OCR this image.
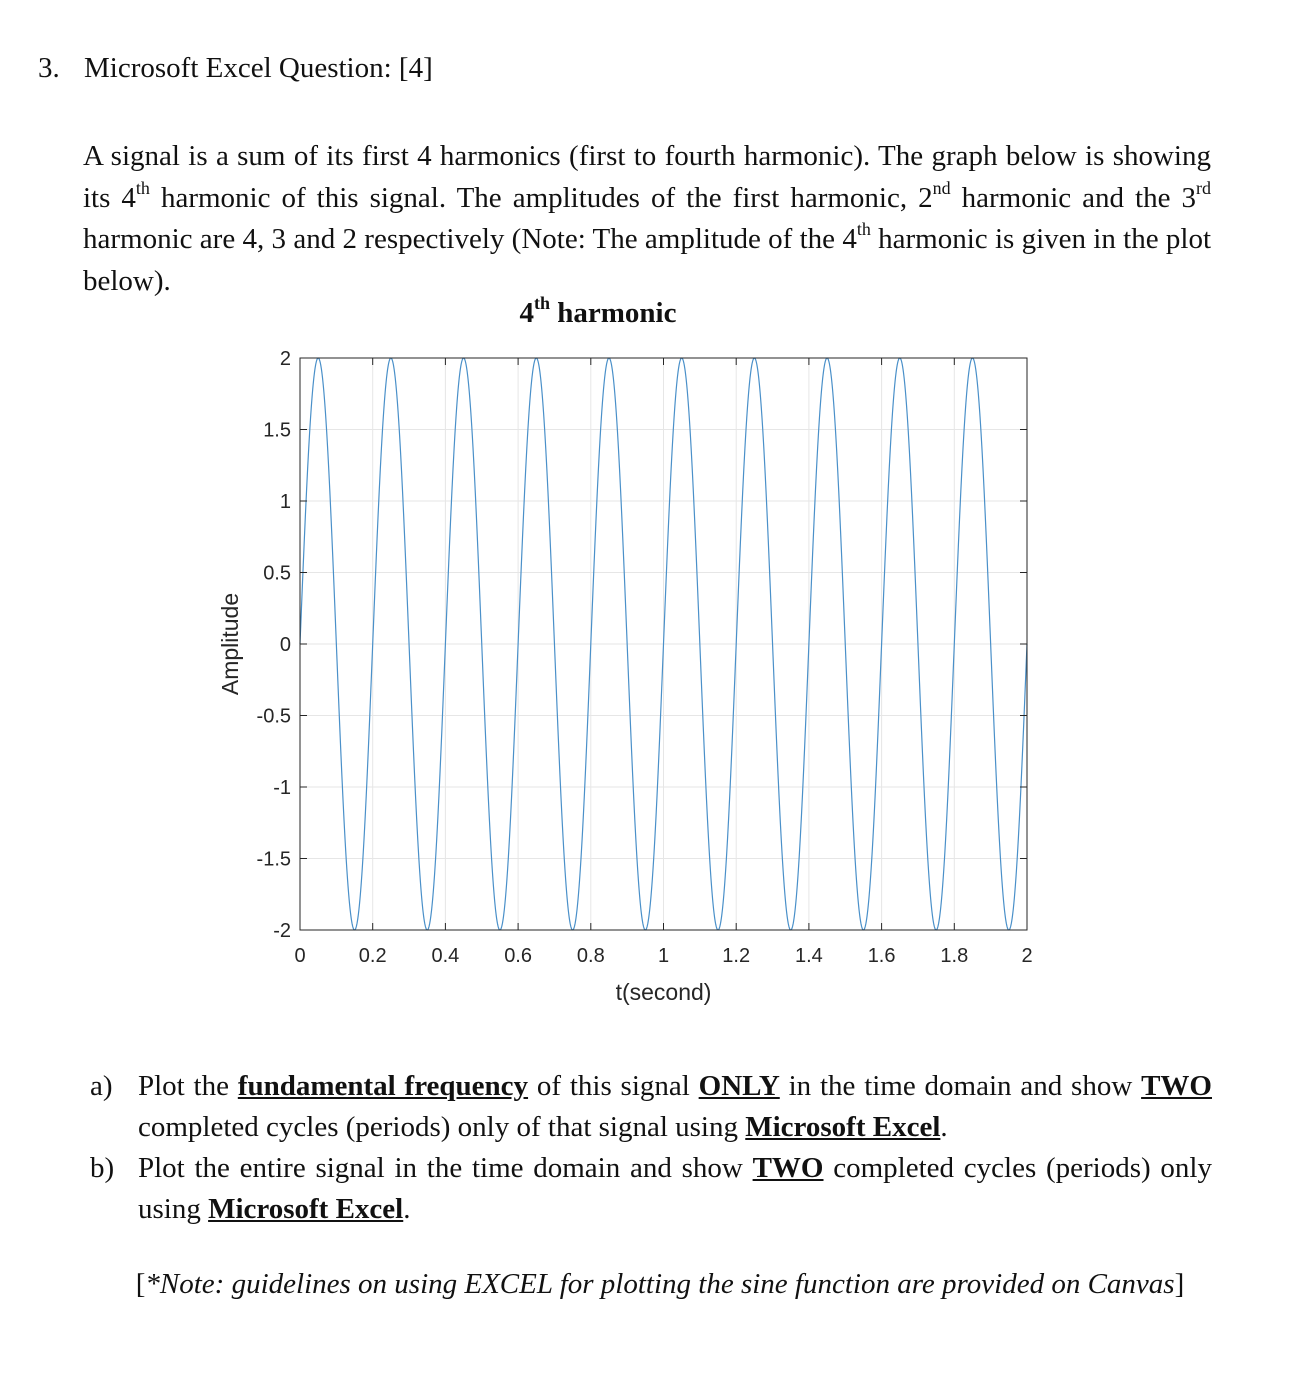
3. Microsoft Excel Question: [4]

A signal is a sum of its first 4 harmonics (first to fourth harmonic). The graph below is showing its 4th harmonic of this signal. The amplitudes of the first harmonic, 2nd harmonic and the 3rd harmonic are 4, 3 and 2 respectively (Note: The amplitude of the 4th harmonic is given in the plot below).

4th harmonic
0	0.2 0.4 0.6 0.8	1	1.2 1.4 1.6 1.8	2
2
1.5
1
0.5
0
-0.5
-1
-1.5
-2
t(second)
Amplitude
a) Plot the fundamental frequency of this signal ONLY in the time domain and show TWO completed cycles (periods) only of that signal using Microsoft Excel.
b) Plot the entire signal in the time domain and show TWO completed cycles (periods) only using Microsoft Excel.
[*Note: guidelines on using EXCEL for plotting the sine function are provided on Canvas]
